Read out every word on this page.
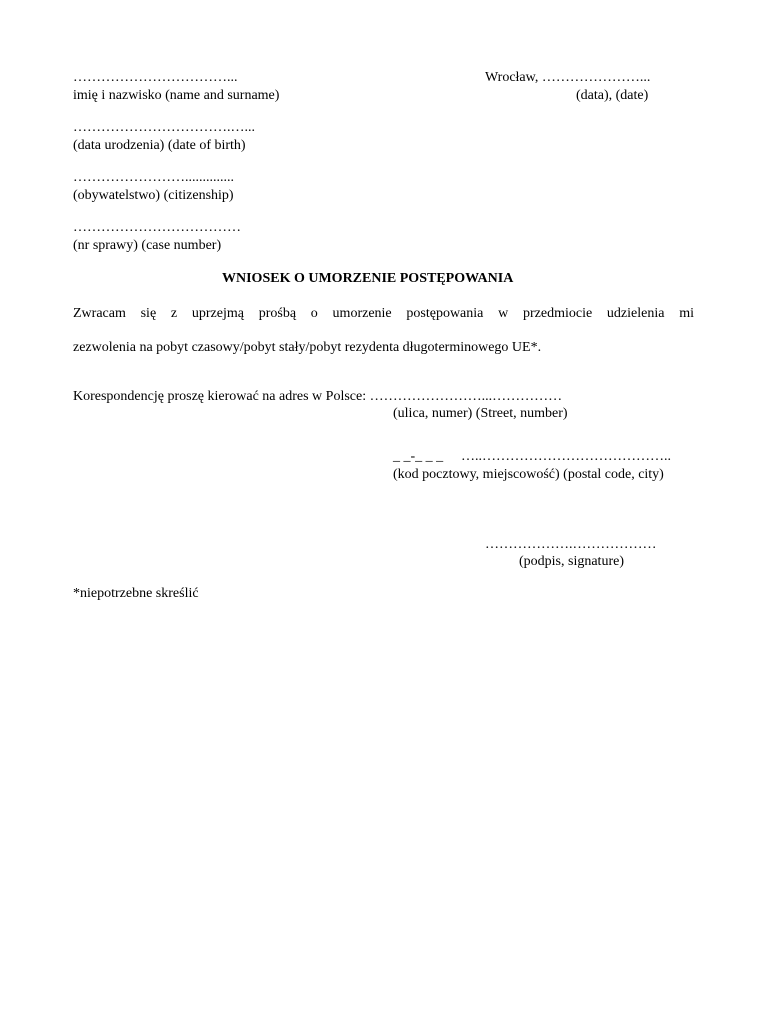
……………………………...
imię i nazwisko (name and surname)
Wrocław, …………………...
(data), (date)
…………………………….…...
(data urodzenia) (date of birth)
……………………..............
(obywatelstwo) (citizenship)
………………………………
(nr sprawy) (case number)
WNIOSEK O UMORZENIE POSTĘPOWANIA
Zwracam się z uprzejmą prośbą o umorzenie postępowania w przedmiocie udzielenia mi
zezwolenia na pobyt czasowy/pobyt stały/pobyt rezydenta długoterminowego UE*.
Korespondencję proszę kierować na adres w Polsce: ……………………...……………
(ulica, numer) (Street, number)
_ _-_ _ _ …..…………………………………..
(kod pocztowy, miejscowość) (postal code, city)
……………….………………
(podpis, signature)
*niepotrzebne skreślić
